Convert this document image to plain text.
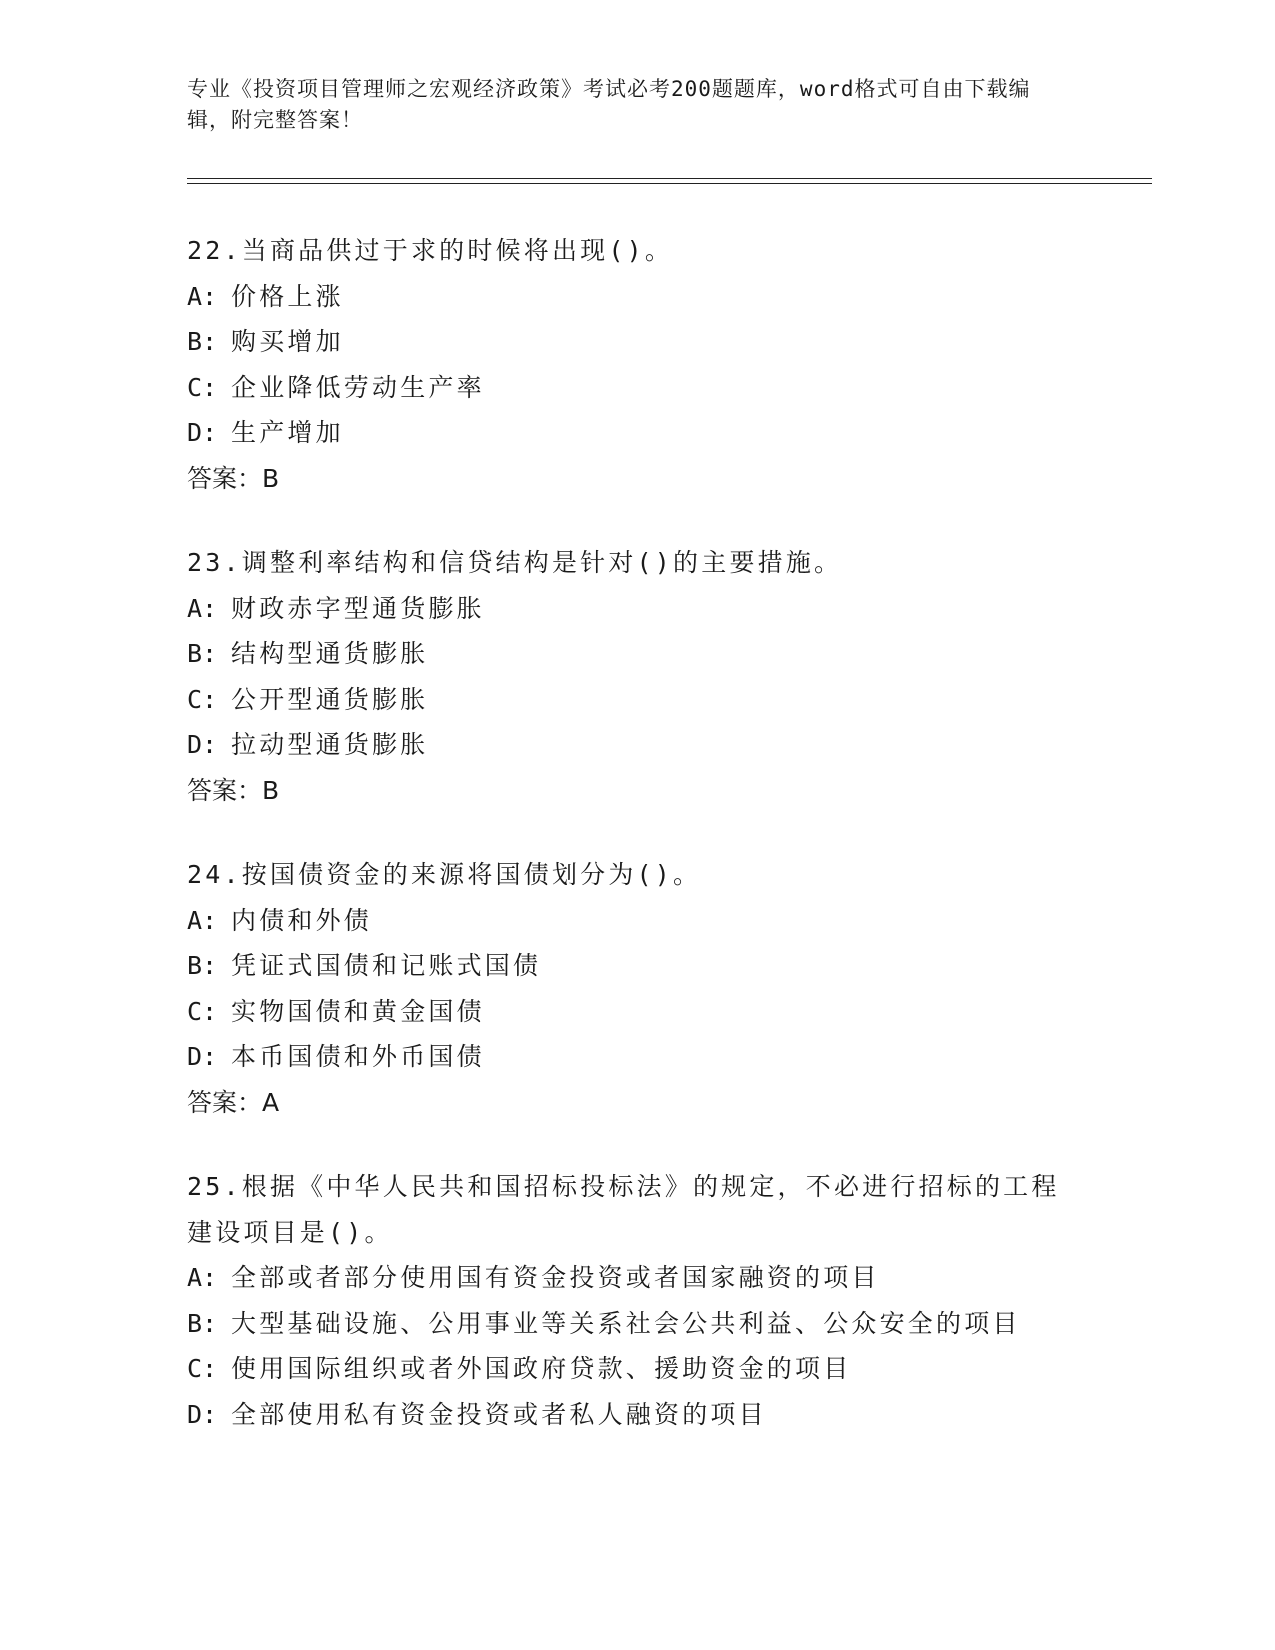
专业《投资项目管理师之宏观经济政策》考试必考200题题库，word格式可自由下载编辑，附完整答案！
22.当商品供过于求的时候将出现()。
A: 价格上涨
B: 购买增加
C: 企业降低劳动生产率
D: 生产增加
答案：B
23.调整利率结构和信贷结构是针对()的主要措施。
A: 财政赤字型通货膨胀
B: 结构型通货膨胀
C: 公开型通货膨胀
D: 拉动型通货膨胀
答案：B
24.按国债资金的来源将国债划分为()。
A: 内债和外债
B: 凭证式国债和记账式国债
C: 实物国债和黄金国债
D: 本币国债和外币国债
答案：A
25.根据《中华人民共和国招标投标法》的规定，不必进行招标的工程建设项目是()。
A: 全部或者部分使用国有资金投资或者国家融资的项目
B: 大型基础设施、公用事业等关系社会公共利益、公众安全的项目
C: 使用国际组织或者外国政府贷款、援助资金的项目
D: 全部使用私有资金投资或者私人融资的项目
